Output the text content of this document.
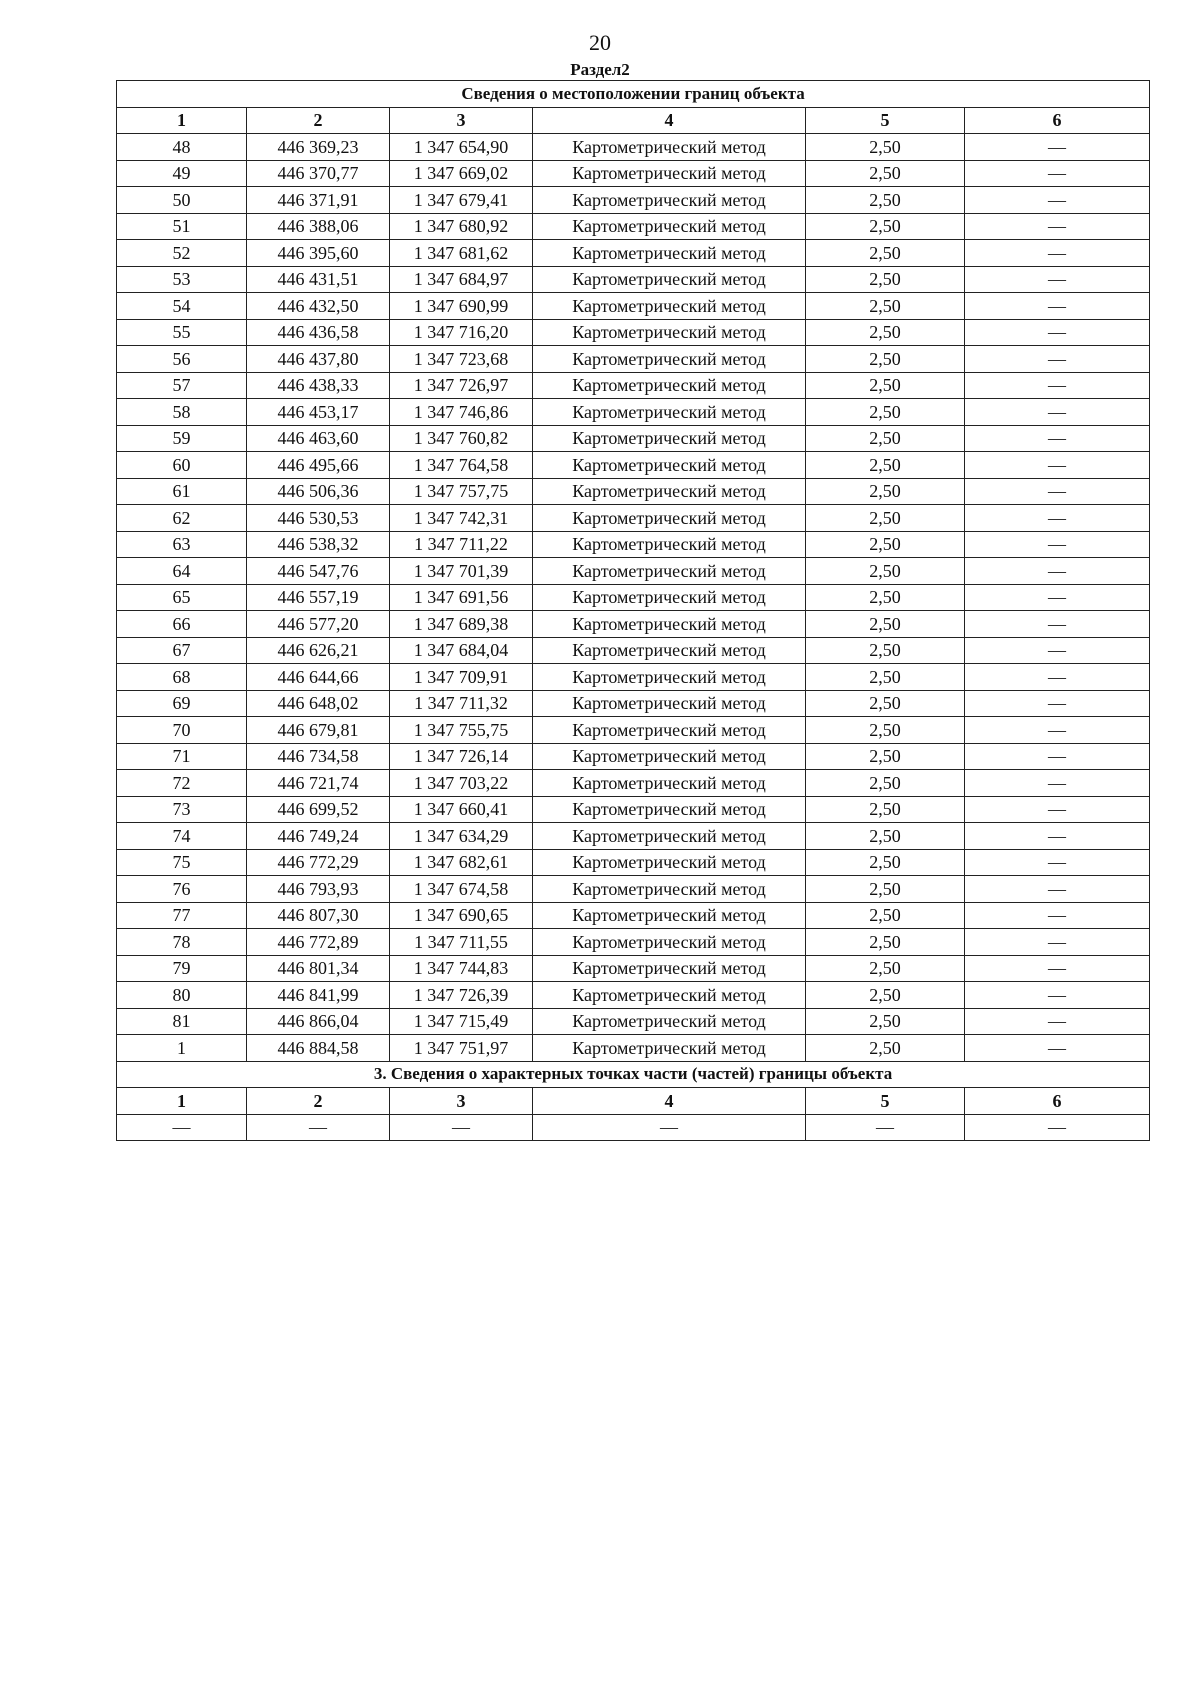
20
Раздел2
Сведения о местоположении границ объекта					
1	2	3	4	5	6
48	446 369,23	1 347 654,90	Картометрический метод	2,50	—
49	446 370,77	1 347 669,02	Картометрический метод	2,50	—
50	446 371,91	1 347 679,41	Картометрический метод	2,50	—
51	446 388,06	1 347 680,92	Картометрический метод	2,50	—
52	446 395,60	1 347 681,62	Картометрический метод	2,50	—
53	446 431,51	1 347 684,97	Картометрический метод	2,50	—
54	446 432,50	1 347 690,99	Картометрический метод	2,50	—
55	446 436,58	1 347 716,20	Картометрический метод	2,50	—
56	446 437,80	1 347 723,68	Картометрический метод	2,50	—
57	446 438,33	1 347 726,97	Картометрический метод	2,50	—
58	446 453,17	1 347 746,86	Картометрический метод	2,50	—
59	446 463,60	1 347 760,82	Картометрический метод	2,50	—
60	446 495,66	1 347 764,58	Картометрический метод	2,50	—
61	446 506,36	1 347 757,75	Картометрический метод	2,50	—
62	446 530,53	1 347 742,31	Картометрический метод	2,50	—
63	446 538,32	1 347 711,22	Картометрический метод	2,50	—
64	446 547,76	1 347 701,39	Картометрический метод	2,50	—
65	446 557,19	1 347 691,56	Картометрический метод	2,50	—
66	446 577,20	1 347 689,38	Картометрический метод	2,50	—
67	446 626,21	1 347 684,04	Картометрический метод	2,50	—
68	446 644,66	1 347 709,91	Картометрический метод	2,50	—
69	446 648,02	1 347 711,32	Картометрический метод	2,50	—
70	446 679,81	1 347 755,75	Картометрический метод	2,50	—
71	446 734,58	1 347 726,14	Картометрический метод	2,50	—
72	446 721,74	1 347 703,22	Картометрический метод	2,50	—
73	446 699,52	1 347 660,41	Картометрический метод	2,50	—
74	446 749,24	1 347 634,29	Картометрический метод	2,50	—
75	446 772,29	1 347 682,61	Картометрический метод	2,50	—
76	446 793,93	1 347 674,58	Картометрический метод	2,50	—
77	446 807,30	1 347 690,65	Картометрический метод	2,50	—
78	446 772,89	1 347 711,55	Картометрический метод	2,50	—
79	446 801,34	1 347 744,83	Картометрический метод	2,50	—
80	446 841,99	1 347 726,39	Картометрический метод	2,50	—
81	446 866,04	1 347 715,49	Картометрический метод	2,50	—
1	446 884,58	1 347 751,97	Картометрический метод	2,50	—
3. Сведения о характерных точках части (частей) границы объекта					
1	2	3	4	5	6
—	—	—	—	—	—
